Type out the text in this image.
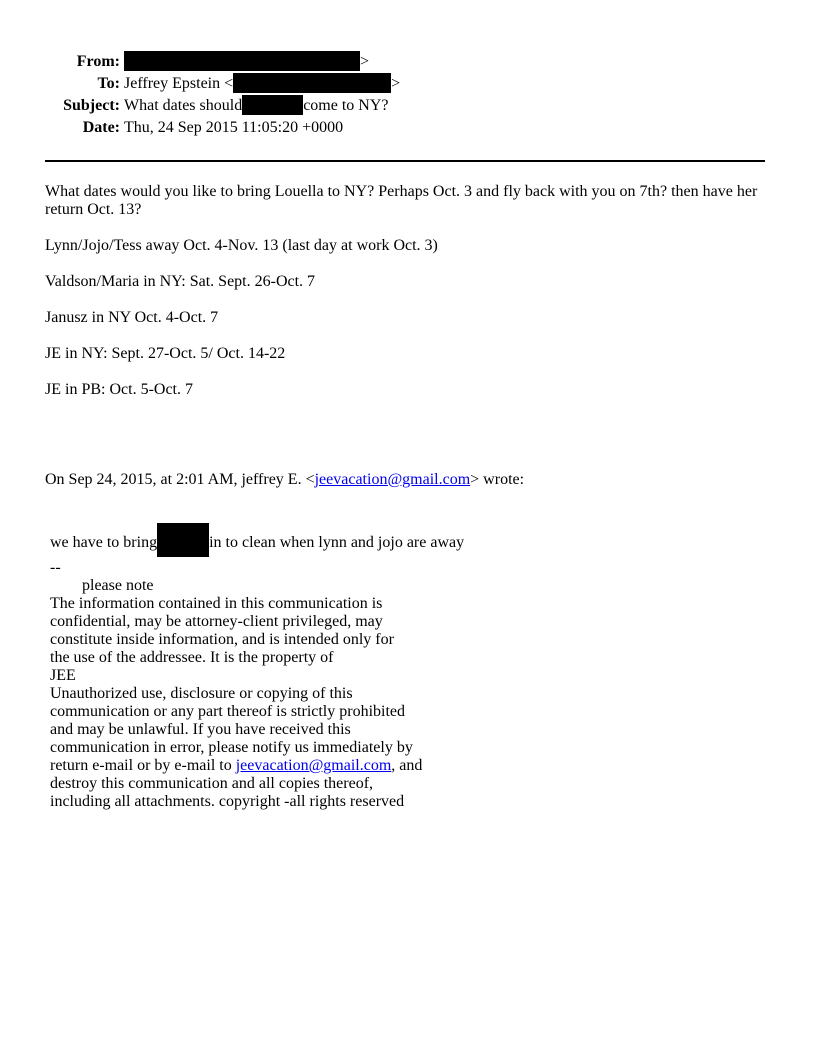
From:	>
To: Jeffrey Epstein <	>
Subject: What dates should	come to NY?
Date: Thu, 24 Sep 2015 11:05:20 +0000

What dates would you like to bring Louella to NY? Perhaps Oct. 3 and fly back with you on 7th? then have her return Oct. 13?

Lynn/Jojo/Tess away Oct. 4-Nov. 13 (last day at work Oct. 3)

Valdson/Maria in NY: Sat. Sept. 26-Oct. 7

Janusz in NY Oct. 4-Oct. 7

JE in NY: Sept. 27-Oct. 5/ Oct. 14-22

JE in PB: Oct. 5-Oct. 7

On Sep 24, 2015, at 2:01 AM, jeffrey E. <jeevacation@gmail.com> wrote:

we have to bring	in to clean when lynn and jojo are away
--
please note
The information contained in this communication is
confidential, may be attorney-client privileged, may
constitute inside information, and is intended only for
the use of the addressee. It is the property of
JEE
Unauthorized use, disclosure or copying of this
communication or any part thereof is strictly prohibited
and may be unlawful. If you have received this
communication in error, please notify us immediately by
return e-mail or by e-mail to jeevacation@gmail.com, and
destroy this communication and all copies thereof,
including all attachments. copyright -all rights reserved
